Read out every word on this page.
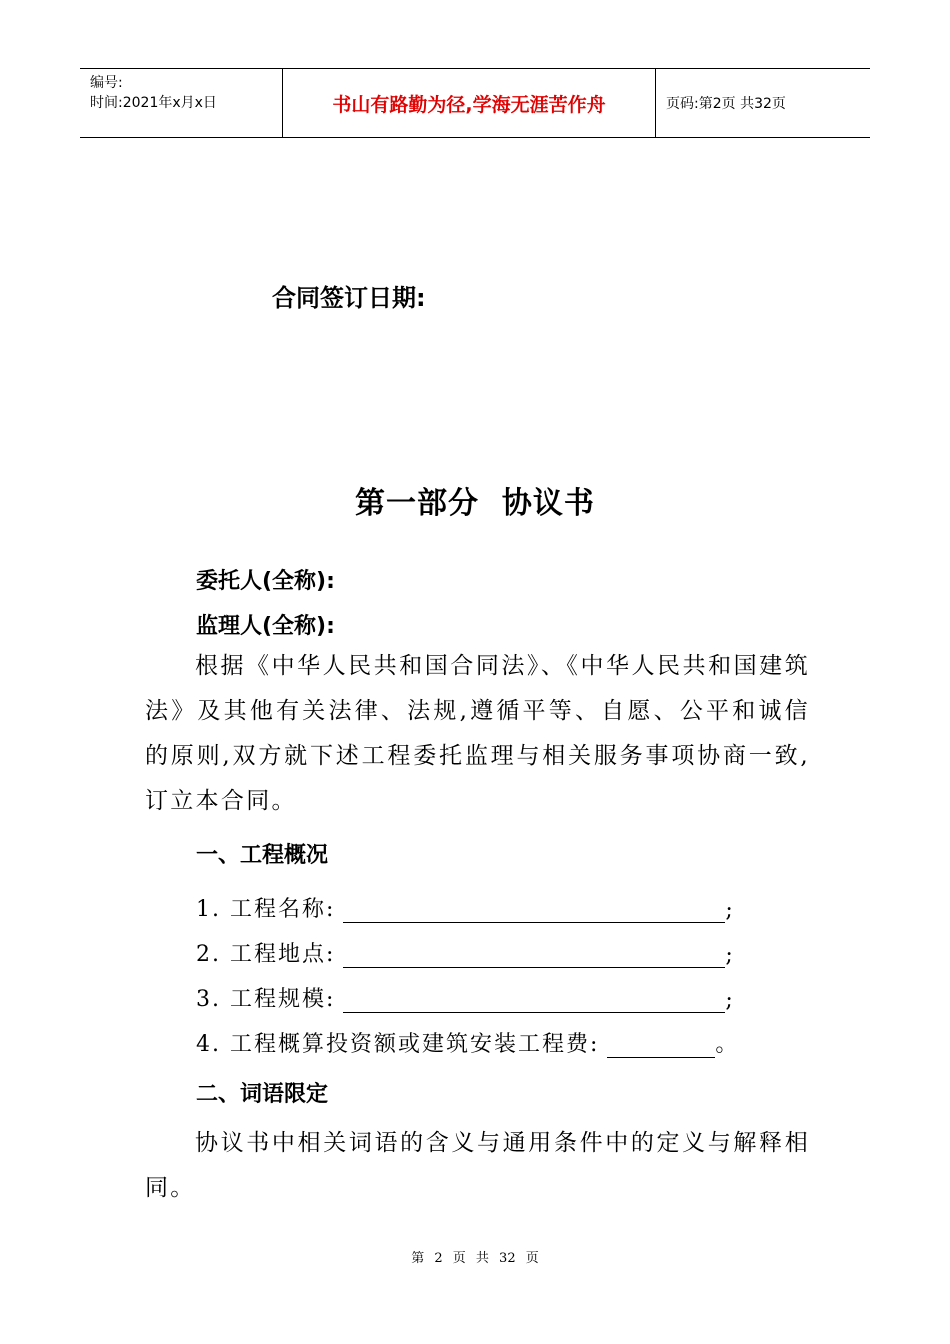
编号:
时间:2021年x月x日	书山有路勤为径,学海无涯苦作舟	页码:第2页 共32页
合同签订日期:
第一部分  协议书
委托人(全称):
监理人(全称):
根据《中华人民共和国合同法》、《中华人民共和国建筑法》及其他有关法律、法规,遵循平等、自愿、公平和诚信的原则,双方就下述工程委托监理与相关服务事项协商一致,订立本合同。
一、工程概况
1. 工程名称:	;
2. 工程地点:	;
3. 工程规模:	;
4. 工程概算投资额或建筑安装工程费:	。
二、词语限定
协议书中相关词语的含义与通用条件中的定义与解释相同。
第 2 页 共 32 页
